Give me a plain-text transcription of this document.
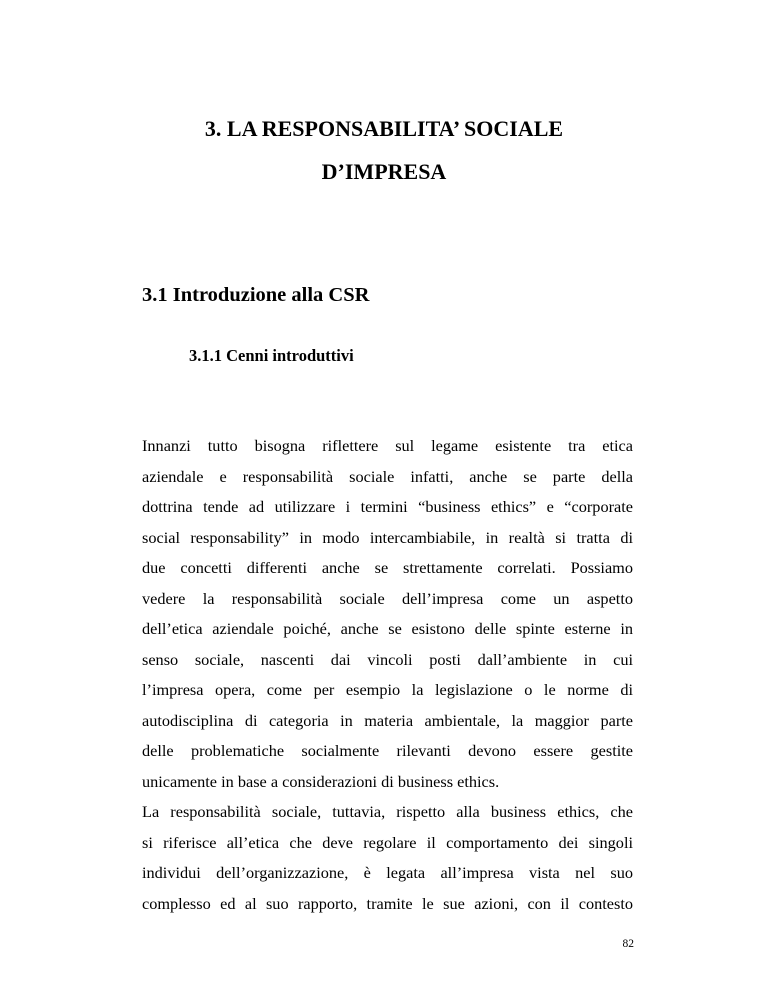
3. LA RESPONSABILITA’ SOCIALE
D’IMPRESA
3.1 Introduzione alla CSR
3.1.1 Cenni introduttivi
Innanzi tutto bisogna riflettere sul legame esistente tra etica
aziendale e responsabilità sociale infatti, anche se parte della
dottrina tende ad utilizzare i termini “business ethics” e “corporate
social responsability” in modo intercambiabile, in realtà si tratta di
due concetti differenti anche se strettamente correlati. Possiamo
vedere la responsabilità sociale dell’impresa come un aspetto
dell’etica aziendale poiché, anche se esistono delle spinte esterne in
senso sociale, nascenti dai vincoli posti dall’ambiente in cui
l’impresa opera, come per esempio la legislazione o le norme di
autodisciplina di categoria in materia ambientale, la maggior parte
delle problematiche socialmente rilevanti devono essere gestite
unicamente in base a considerazioni di business ethics.
La responsabilità sociale, tuttavia, rispetto alla business ethics, che
si riferisce all’etica che deve regolare il comportamento dei singoli
individui dell’organizzazione, è legata all’impresa vista nel suo
complesso ed al suo rapporto, tramite le sue azioni, con il contesto
82
